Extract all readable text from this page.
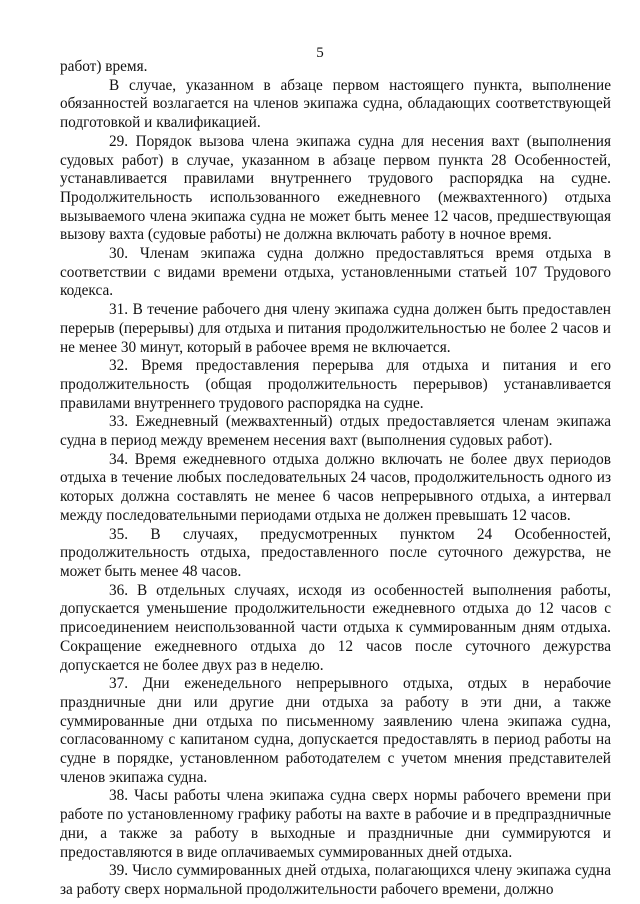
5

работ) время.

В случае, указанном в абзаце первом настоящего пункта, выполнение обязанностей возлагается на членов экипажа судна, обладающих соответствующей подготовкой и квалификацией.

29. Порядок вызова члена экипажа судна для несения вахт (выполнения судовых работ) в случае, указанном в абзаце первом пункта 28 Особенностей, устанавливается правилами внутреннего трудового распорядка на судне. Продолжительность использованного ежедневного (межвахтенного) отдыха вызываемого члена экипажа судна не может быть менее 12 часов, предшествующая вызову вахта (судовые работы) не должна включать работу в ночное время.

30. Членам экипажа судна должно предоставляться время отдыха в соответствии с видами времени отдыха, установленными статьей 107 Трудового кодекса.

31. В течение рабочего дня члену экипажа судна должен быть предоставлен перерыв (перерывы) для отдыха и питания продолжительностью не более 2 часов и не менее 30 минут, который в рабочее время не включается.

32. Время предоставления перерыва для отдыха и питания и его продолжительность (общая продолжительность перерывов) устанавливается правилами внутреннего трудового распорядка на судне.

33. Ежедневный (межвахтенный) отдых предоставляется членам экипажа судна в период между временем несения вахт (выполнения судовых работ).

34. Время ежедневного отдыха должно включать не более двух периодов отдыха в течение любых последовательных 24 часов, продолжительность одного из которых должна составлять не менее 6 часов непрерывного отдыха, а интервал между последовательными периодами отдыха не должен превышать 12 часов.

35. В случаях, предусмотренных пунктом 24 Особенностей, продолжительность отдыха, предоставленного после суточного дежурства, не может быть менее 48 часов.

36. В отдельных случаях, исходя из особенностей выполнения работы, допускается уменьшение продолжительности ежедневного отдыха до 12 часов с присоединением неиспользованной части отдыха к суммированным дням отдыха. Сокращение ежедневного отдыха до 12 часов после суточного дежурства допускается не более двух раз в неделю.

37. Дни еженедельного непрерывного отдыха, отдых в нерабочие праздничные дни или другие дни отдыха за работу в эти дни, а также суммированные дни отдыха по письменному заявлению члена экипажа судна, согласованному с капитаном судна, допускается предоставлять в период работы на судне в порядке, установленном работодателем с учетом мнения представителей членов экипажа судна.

38. Часы работы члена экипажа судна сверх нормы рабочего времени при работе по установленному графику работы на вахте в рабочие и в предпраздничные дни, а также за работу в выходные и праздничные дни суммируются и предоставляются в виде оплачиваемых суммированных дней отдыха.

39. Число суммированных дней отдыха, полагающихся члену экипажа судна за работу сверх нормальной продолжительности рабочего времени, должно
